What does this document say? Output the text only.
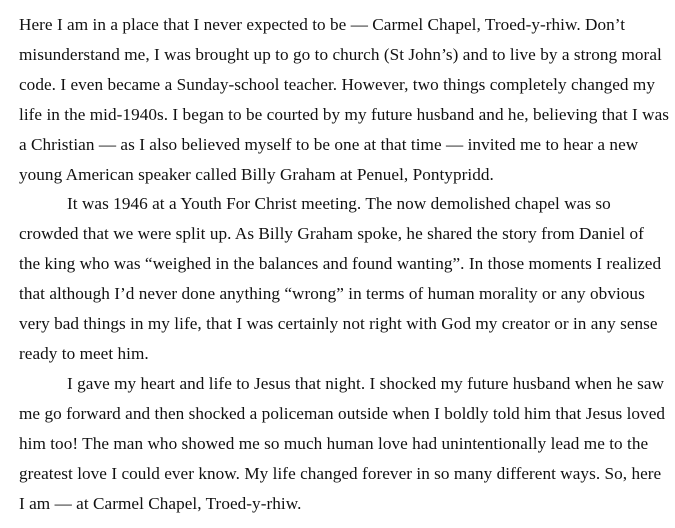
Here I am in a place that I never expected to be — Carmel Chapel, Troed-y-rhiw. Don’t
misunderstand me, I was brought up to go to church (St John’s) and to live by a strong moral
code. I even became a Sunday-school teacher. However, two things completely changed my
life in the mid-1940s. I began to be courted by my future husband and he, believing that I was
a Christian — as I also believed myself to be one at that time — invited me to hear a new
young American speaker called Billy Graham at Penuel, Pontypridd.

It was 1946 at a Youth For Christ meeting. The now demolished chapel was so
crowded that we were split up. As Billy Graham spoke, he shared the story from Daniel of
the king who was “weighed in the balances and found wanting”. In those moments I realized
that although I’d never done anything “wrong” in terms of human morality or any obvious
very bad things in my life, that I was certainly not right with God my creator or in any sense
ready to meet him.

I gave my heart and life to Jesus that night. I shocked my future husband when he saw
me go forward and then shocked a policeman outside when I boldly told him that Jesus loved
him too! The man who showed me so much human love had unintentionally lead me to the
greatest love I could ever know. My life changed forever in so many different ways. So, here
I am — at Carmel Chapel, Troed-y-rhiw.
